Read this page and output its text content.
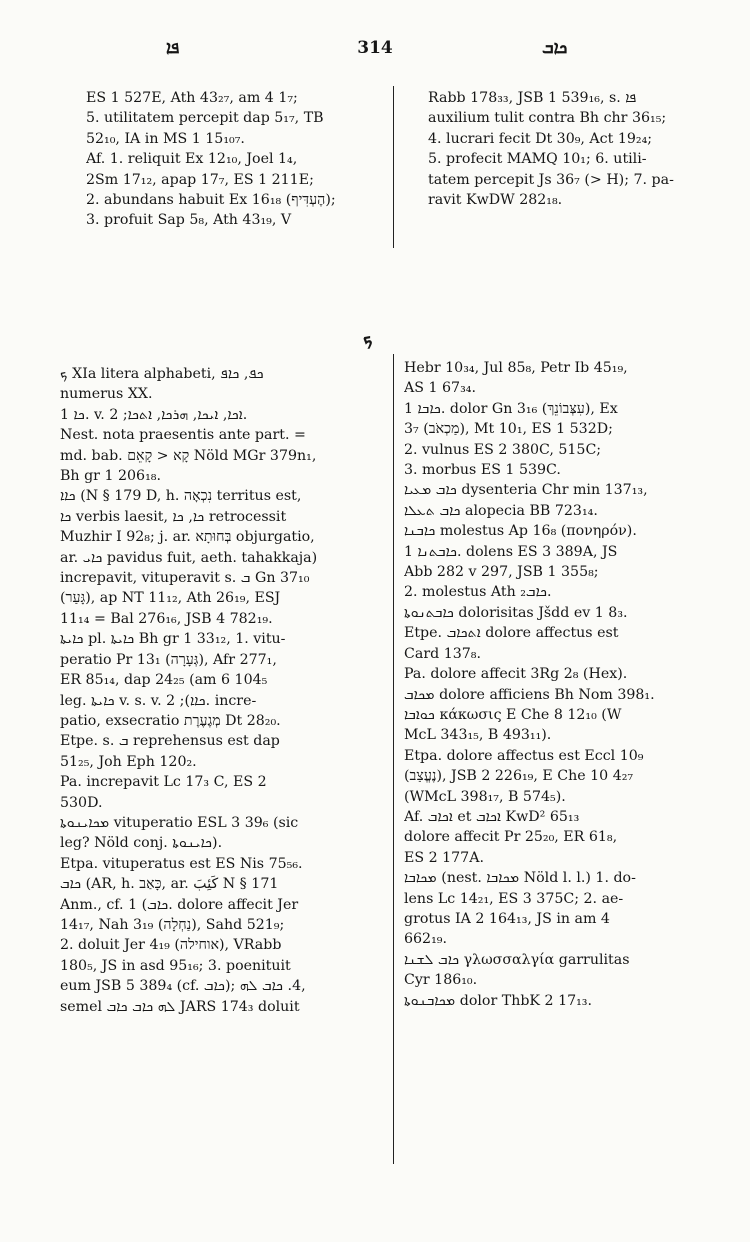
ܦܐ	314	ܟܐܒ
ES 1 527E, Ath 43₂₇, am 4 1₇;
5. utilitatem percepit dap 5₁₇, TB
52₁₀, IA in MS 1 15₁₀₇.
Af. 1. reliquit Ex 12₁₀, Joel 1₄,
2Sm 17₁₂, apap 17₇, ES 1 211E;
2. abundans habuit Ex 16₁₈ (הֶעְדִּיף);
3. profuit Sap 5₈, Ath 43₁₉, V
Rabb 178₃₃, JSB 1 539₁₆, s. ܦܐ
auxilium tulit contra Bh chr 36₁₅;
4. lucrari fecit Dt 30₉, Act 19₂₄;
5. profecit MAMQ 10₁; 6. utili-
tatem percepit Js 36₇ (> H); 7. pa-
ravit KwDW 282₁₈.
ܟ
ܟ XIa litera alphabeti, ܟܦ, ܟܐܦ
numerus XX.
ܟܐ 1. v. ܐܟܐ, ܐܝܟܐ, ܗܪܟܐ, ܐܬܟܐ; 2.
Nest. nota praesentis ante part. =
md. bab. קָא < קָאֵם Nöld MGr 379n₁,
Bh gr 1 206₁₈.
ܟܐܐ (N § 179 D, h. נִכְאָה territus est,
ܟܐ verbis laesit, ܟܐ, ܟܐ retrocessit
Muzhir I 92₈; j. ar. בְּחוּתָא objurgatio,
ar. ܟܐܝ pavidus fuit, aeth. tahakkaja)
increpavit, vituperavit s. ܒ Gn 37₁₀
(גָּעַר), ap NT 11₁₂, Ath 26₁₉, ESJ
11₁₄ = Bal 276₁₆, JSB 4 782₁₉.
ܟܐܝܬܐ pl. ܟܐܝܬܐ Bh gr 1 33₁₂, 1. vitu-
peratio Pr 13₁ (גְּעָרָה), Afr 277₁,
ER 85₁₄, dap 24₂₅ (am 6 104₅
leg. ܟܐܝܬܐ v. s. v. ܟܐܐ); 2. incre-
patio, exsecratio מְגֶעֶרֶת Dt 28₂₀.
Etpe. s. ܒ reprehensus est dap
51₂₅, Joh Eph 120₂.
Pa. increpavit Lc 17₃ C, ES 2
530D.
ܡܟܐܝܢܘܬܐ vituperatio ESL 3 39₆ (sic
leg? Nöld conj. ܟܐܝܢܘܬܐ).
Etpa. vituperatus est ES Nis 75₅₆.
ܟܐܒ (AR, h. כָּאַב, ar. كَئِبَ N § 171
Anm., cf. ܟܐܒ) 1. dolore affecit Jer
14₁₇, Nah 3₁₉ (נַחְלָה), Sahd 521₉;
2. doluit Jer 4₁₉ (אוחילה), VRabb
180₅, JS in asd 95₁₆; 3. poenituit
eum JSB 5 389₄ (cf. ܟܐܒ); 4. ܟܐܒ ܠܗ,
semel ܠܗ ܟܐܒ ܟܐܒ JARS 174₃ doluit
Hebr 10₃₄, Jul 85₈, Petr Ib 45₁₉,
AS 1 67₃₄.
ܟܐܒܐ 1. dolor Gn 3₁₆ (עִצְּבוֹנֵךְ), Ex
3₇ (מַכְאֹב), Mt 10₁, ES 1 532D;
2. vulnus ES 2 380C, 515C;
3. morbus ES 1 539C.
ܟܐܒ ܡܥܝܐ dysenteria Chr min 137₁₃,
ܟܐܒ ܬܥܠܐ alopecia BB 723₁₄.
ܟܐܒܢܐ molestus Ap 16₈ (πονηρόν).
ܟܐܒܬܢܐ 1. dolens ES 3 389A, JS
Abb 282 v 297, JSB 1 355₈;
2. molestus Ath ܟܐܒ₂.
ܟܐܒܬܢܘܬܐ dolorisitas Jšdd ev 1 8₃.
Etpe. ܐܬܟܐܒ dolore affectus est
Card 137₈.
Pa. dolore affecit 3Rg 2₈ (Hex).
ܡܟܐܒ dolore afficiens Bh Nom 398₁.
ܟܘܐܒܐ κάκωσις E Che 8 12₁₀ (W
McL 343₁₅, B 493₁₁).
Etpa. dolore affectus est Eccl 10₉
(נֶעֱצַב), JSB 2 226₁₉, E Che 10 4₂₇
(WMcL 398₁₇, B 574₅).
Af. ܐܟܐܒ et ܐܟܐܒ KwD² 65₁₃
dolore affecit Pr 25₂₀, ER 61₈,
ES 2 177A.
ܡܟܐܒܐ (nest. ܡܟܐܒܐ Nöld l. l.) 1. do-
lens Lc 14₂₁, ES 3 375C; 2. ae-
grotus IA 2 164₁₃, JS in am 4
662₁₉.
ܟܐܒ ܠܫܢܐ γλωσσαλγία garrulitas
Cyr 186₁₀.
ܡܟܐܒܢܘܬܐ dolor ThbK 2 17₁₃.
